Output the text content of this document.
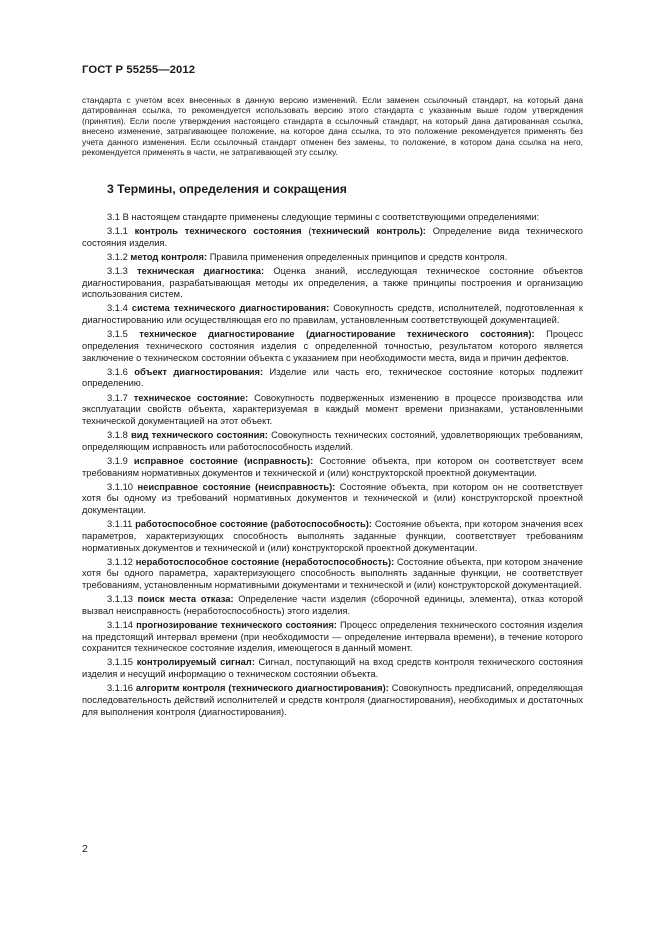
ГОСТ Р 55255—2012

стандарта с учетом всех внесенных в данную версию изменений. Если заменен ссылочный стандарт, на который дана датированная ссылка, то рекомендуется использовать версию этого стандарта с указанным выше годом утверждения (принятия). Если после утверждения настоящего стандарта в ссылочный стандарт, на который дана датированная ссылка, внесено изменение, затрагивающее положение, на которое дана ссылка, то это положение рекомендуется применять без учета данного изменения. Если ссылочный стандарт отменен без замены, то положение, в котором дана ссылка на него, рекомендуется применять в части, не затрагивающей эту ссылку.

3 Термины, определения и сокращения

3.1 В настоящем стандарте применены следующие термины с соответствующими определениями:

3.1.1 контроль технического состояния (технический контроль): Определение вида технического состояния изделия.

3.1.2 метод контроля: Правила применения определенных принципов и средств контроля.

3.1.3 техническая диагностика: Оценка знаний, исследующая техническое состояние объектов диагностирования, разрабатывающая методы их определения, а также принципы построения и организацию использования систем.

3.1.4 система технического диагностирования: Совокупность средств, исполнителей, подготовленная к диагностированию или осуществляющая его по правилам, установленным соответствующей документацией.

3.1.5 техническое диагностирование (диагностирование технического состояния): Процесс определения технического состояния изделия с определенной точностью, результатом которого является заключение о техническом состоянии объекта с указанием при необходимости места, вида и причин дефектов.

3.1.6 объект диагностирования: Изделие или часть его, техническое состояние которых подлежит определению.

3.1.7 техническое состояние: Совокупность подверженных изменению в процессе производства или эксплуатации свойств объекта, характеризуемая в каждый момент времени признаками, установленными технической документацией на этот объект.

3.1.8 вид технического состояния: Совокупность технических состояний, удовлетворяющих требованиям, определяющим исправность или работоспособность изделий.

3.1.9 исправное состояние (исправность): Состояние объекта, при котором он соответствует всем требованиям нормативных документов и технической и (или) конструкторской проектной документации.

3.1.10 неисправное состояние (неисправность): Состояние объекта, при котором он не соответствует хотя бы одному из требований нормативных документов и технической и (или) конструкторской проектной документации.

3.1.11 работоспособное состояние (работоспособность): Состояние объекта, при котором значения всех параметров, характеризующих способность выполнять заданные функции, соответствует требованиям нормативных документов и технической и (или) конструкторской проектной документации.

3.1.12 неработоспособное состояние (неработоспособность): Состояние объекта, при котором значение хотя бы одного параметра, характеризующего способность выполнять заданные функции, не соответствует требованиям, установленным нормативными документами и технической и (или) конструкторской документацией.

3.1.13 поиск места отказа: Определение части изделия (сборочной единицы, элемента), отказ которой вызвал неисправность (неработоспособность) этого изделия.

3.1.14 прогнозирование технического состояния: Процесс определения технического состояния изделия на предстоящий интервал времени (при необходимости — определение интервала времени), в течение которого сохранится техническое состояние изделия, имеющегося в данный момент.

3.1.15 контролируемый сигнал: Сигнал, поступающий на вход средств контроля технического состояния изделия и несущий информацию о техническом состоянии объекта.

3.1.16 алгоритм контроля (технического диагностирования): Совокупность предписаний, определяющая последовательность действий исполнителей и средств контроля (диагностирования), необходимых и достаточных для выполнения контроля (диагностирования).

2
